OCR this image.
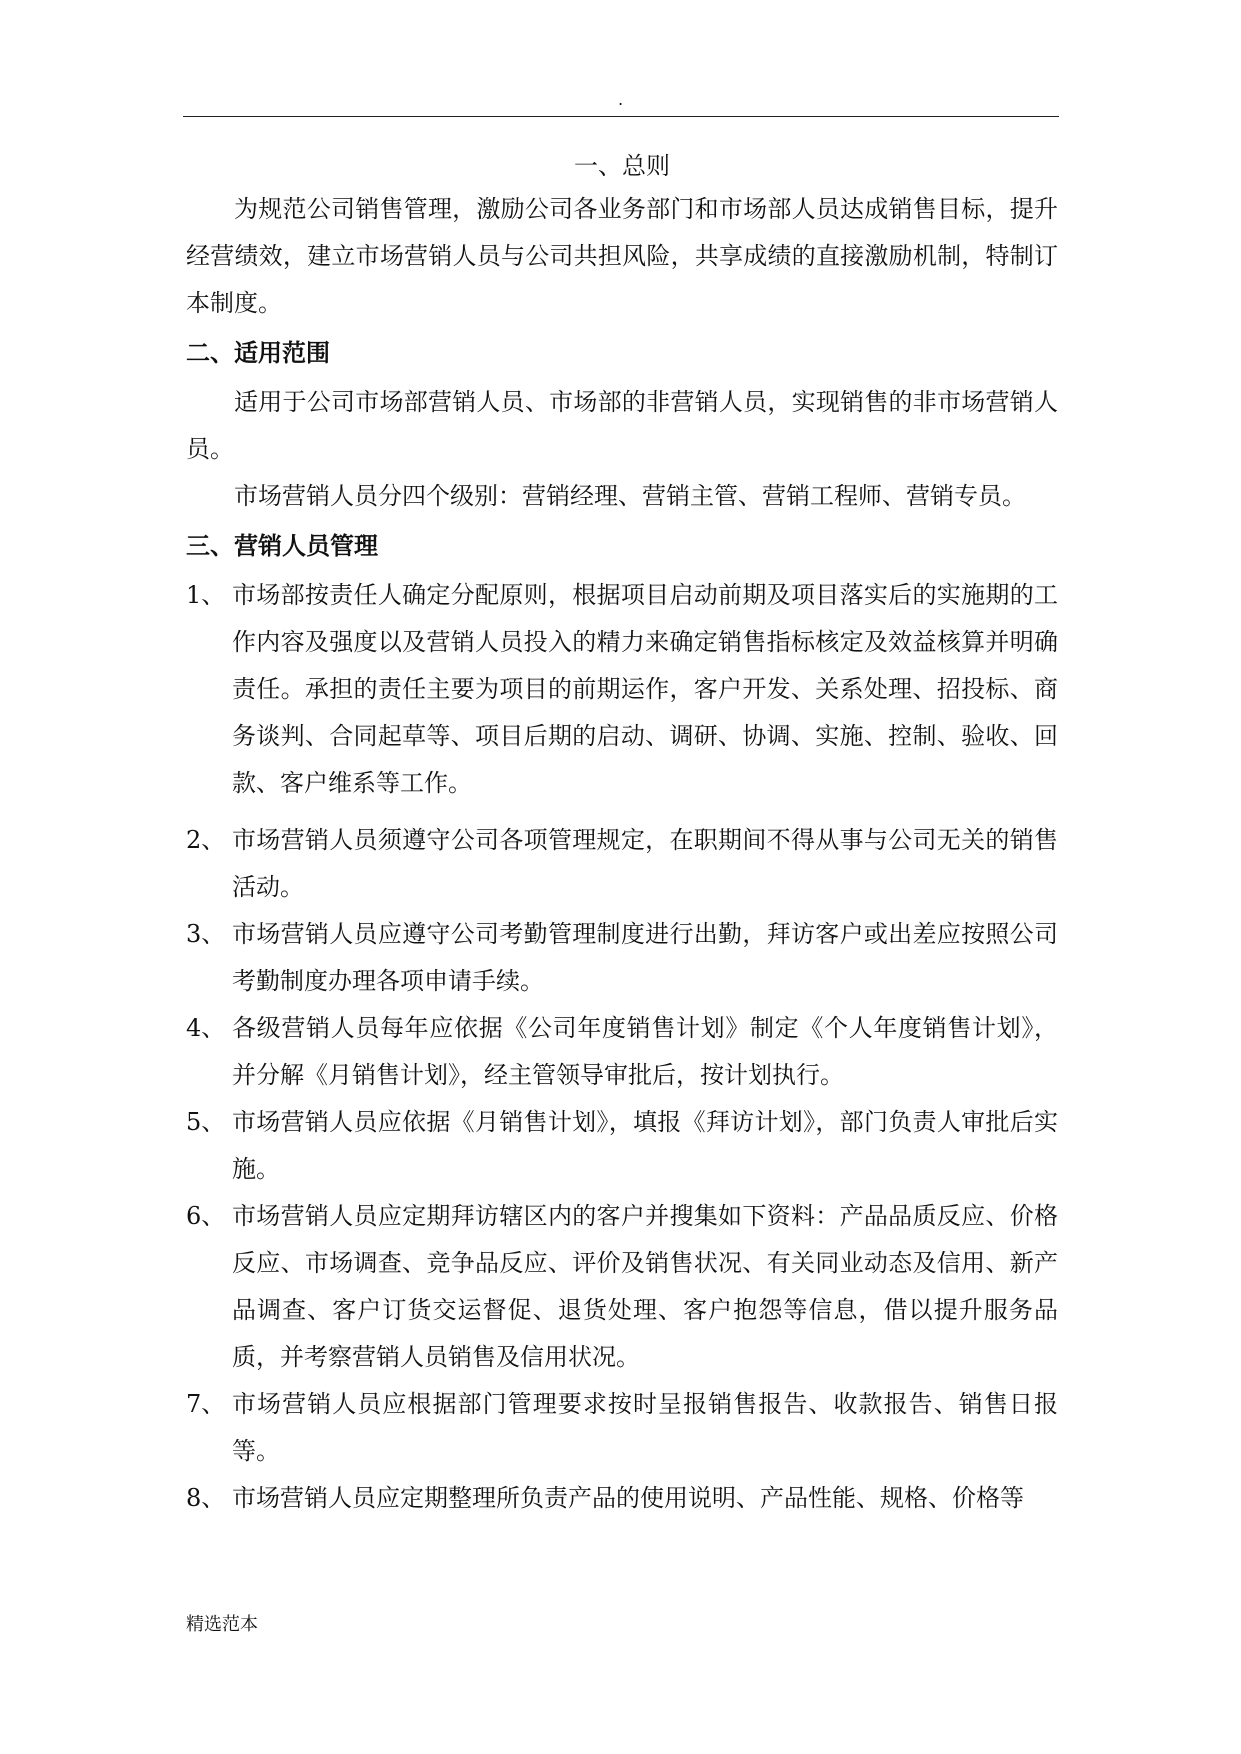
.

一、总则

为规范公司销售管理，激励公司各业务部门和市场部人员达成销售目标，提升经营绩效，建立市场营销人员与公司共担风险，共享成绩的直接激励机制，特制订本制度。

二、适用范围

适用于公司市场部营销人员、市场部的非营销人员，实现销售的非市场营销人员。

市场营销人员分四个级别：营销经理、营销主管、营销工程师、营销专员。

三、营销人员管理

1、 市场部按责任人确定分配原则，根据项目启动前期及项目落实后的实施期的工作内容及强度以及营销人员投入的精力来确定销售指标核定及效益核算并明确责任。承担的责任主要为项目的前期运作，客户开发、关系处理、招投标、商务谈判、合同起草等、项目后期的启动、调研、协调、实施、控制、验收、回款、客户维系等工作。
2、 市场营销人员须遵守公司各项管理规定，在职期间不得从事与公司无关的销售活动。
3、 市场营销人员应遵守公司考勤管理制度进行出勤，拜访客户或出差应按照公司考勤制度办理各项申请手续。
4、 各级营销人员每年应依据《公司年度销售计划》制定《个人年度销售计划》，并分解《月销售计划》，经主管领导审批后，按计划执行。
5、 市场营销人员应依据《月销售计划》，填报《拜访计划》，部门负责人审批后实施。
6、 市场营销人员应定期拜访辖区内的客户并搜集如下资料：产品品质反应、价格反应、市场调查、竞争品反应、评价及销售状况、有关同业动态及信用、新产品调查、客户订货交运督促、退货处理、客户抱怨等信息，借以提升服务品质，并考察营销人员销售及信用状况。
7、 市场营销人员应根据部门管理要求按时呈报销售报告、收款报告、销售日报等。
8、 市场营销人员应定期整理所负责产品的使用说明、产品性能、规格、价格等
精选范本
